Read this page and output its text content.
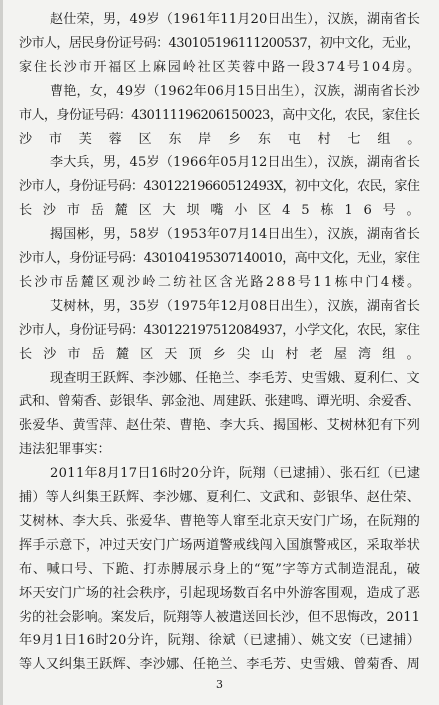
赵仕荣，男，49岁（1961年11月20日出生），汉族，湖南省长
沙市人，居民身份证号码：430105196111200537，初中文化，无业，
家住长沙市开福区上麻园岭社区芙蓉中路一段374号104房。
曹艳，女，49岁（1962年06月15日出生），汉族，湖南省长沙
市人，身份证号码：430111196206150023，高中文化，农民，家住长
沙市芙蓉区东岸乡东屯村七组。
李大兵，男，45岁（1966年05月12日出生），汉族，湖南省长
沙市人，身份证号码：43012219660512493X，初中文化，农民，家住
长沙市岳麓区大坝嘴小区45栋16号。
揭国彬，男，58岁（1953年07月14日出生），汉族，湖南省长
沙市人，身份证号码：430104195307140010，高中文化，无业，家住
长沙市岳麓区观沙岭二纺社区含光路288号11栋中门4楼。
艾树林，男，35岁（1975年12月08日出生），汉族，湖南省长
沙市人，身份证号码：430122197512084937，小学文化，农民，家住
长沙市岳麓区天顶乡尖山村老屋湾组。
现查明王跃辉、李沙娜、任艳兰、李毛芳、史雪娥、夏利仁、文
武和、曾菊香、彭银华、郭金池、周建跃、张建鸣、谭光明、余爱香、
张爱华、黄雪萍、赵仕荣、曹艳、李大兵、揭国彬、艾树林犯有下列
违法犯罪事实：
2011年8月17日16时20分许，阮翔（已逮捕）、张石红（已逮
捕）等人纠集王跃辉、李沙娜、夏利仁、文武和、彭银华、赵仕荣、
艾树林、李大兵、张爱华、曹艳等人窜至北京天安门广场，在阮翔的
挥手示意下，冲过天安门广场两道警戒线闯入国旗警戒区，采取举状
布、喊口号、下跪、打赤膊展示身上的“冤”字等方式制造混乱，破
坏天安门广场的社会秩序，引起现场数百名中外游客围观，造成了恶
劣的社会影响。案发后，阮翔等人被遣送回长沙，但不思悔改，2011
年9月1日16时20分许，阮翔、徐斌（已逮捕）、姚文安（已逮捕）
等人又纠集王跃辉、李沙娜、任艳兰、李毛芳、史雪娥、曾菊香、周
3
